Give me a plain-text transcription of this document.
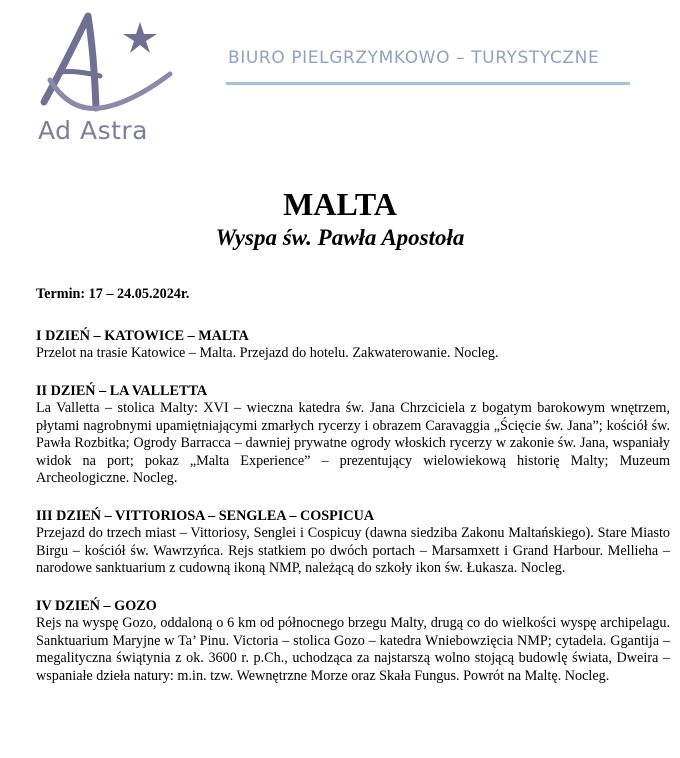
Ad Astra
BIURO PIELGRZYMKOWO – TURYSTYCZNE
MALTA
Wyspa św. Pawła Apostoła
Termin: 17 – 24.05.2024r.
I DZIEŃ – KATOWICE – MALTA

Przelot na trasie Katowice – Malta. Przejazd do hotelu. Zakwaterowanie. Nocleg.

II DZIEŃ – LA VALLETTA

La Valletta – stolica Malty: XVI – wieczna katedra św. Jana Chrzciciela z bogatym barokowym wnętrzem, płytami nagrobnymi upamiętniającymi zmarłych rycerzy i obrazem Caravaggia „Ścięcie św. Jana”; kościół św. Pawła Rozbitka; Ogrody Barracca – dawniej prywatne ogrody włoskich rycerzy w zakonie św. Jana, wspaniały widok na port; pokaz „Malta Experience” – prezentujący wielowiekową historię Malty; Muzeum Archeologiczne. Nocleg.

III DZIEŃ – VITTORIOSA – SENGLEA – COSPICUA

Przejazd do trzech miast – Vittoriosy, Senglei i Cospicuy (dawna siedziba Zakonu Maltańskiego). Stare Miasto Birgu – kościół św. Wawrzyńca. Rejs statkiem po dwóch portach – Marsamxett i Grand Harbour. Mellieha – narodowe sanktuarium z cudowną ikoną NMP, należącą do szkoły ikon św. Łukasza. Nocleg.

IV DZIEŃ – GOZO

Rejs na wyspę Gozo, oddaloną o 6 km od północnego brzegu Malty, drugą co do wielkości wyspę archipelagu. Sanktuarium Maryjne w Ta’ Pinu. Victoria – stolica Gozo – katedra Wniebowzięcia NMP; cytadela. Ggantija – megalityczna świątynia z ok. 3600 r. p.Ch., uchodząca za najstarszą wolno stojącą budowlę świata, Dweira – wspaniałe dzieła natury: m.in. tzw. Wewnętrzne Morze oraz Skała Fungus. Powrót na Maltę. Nocleg.
